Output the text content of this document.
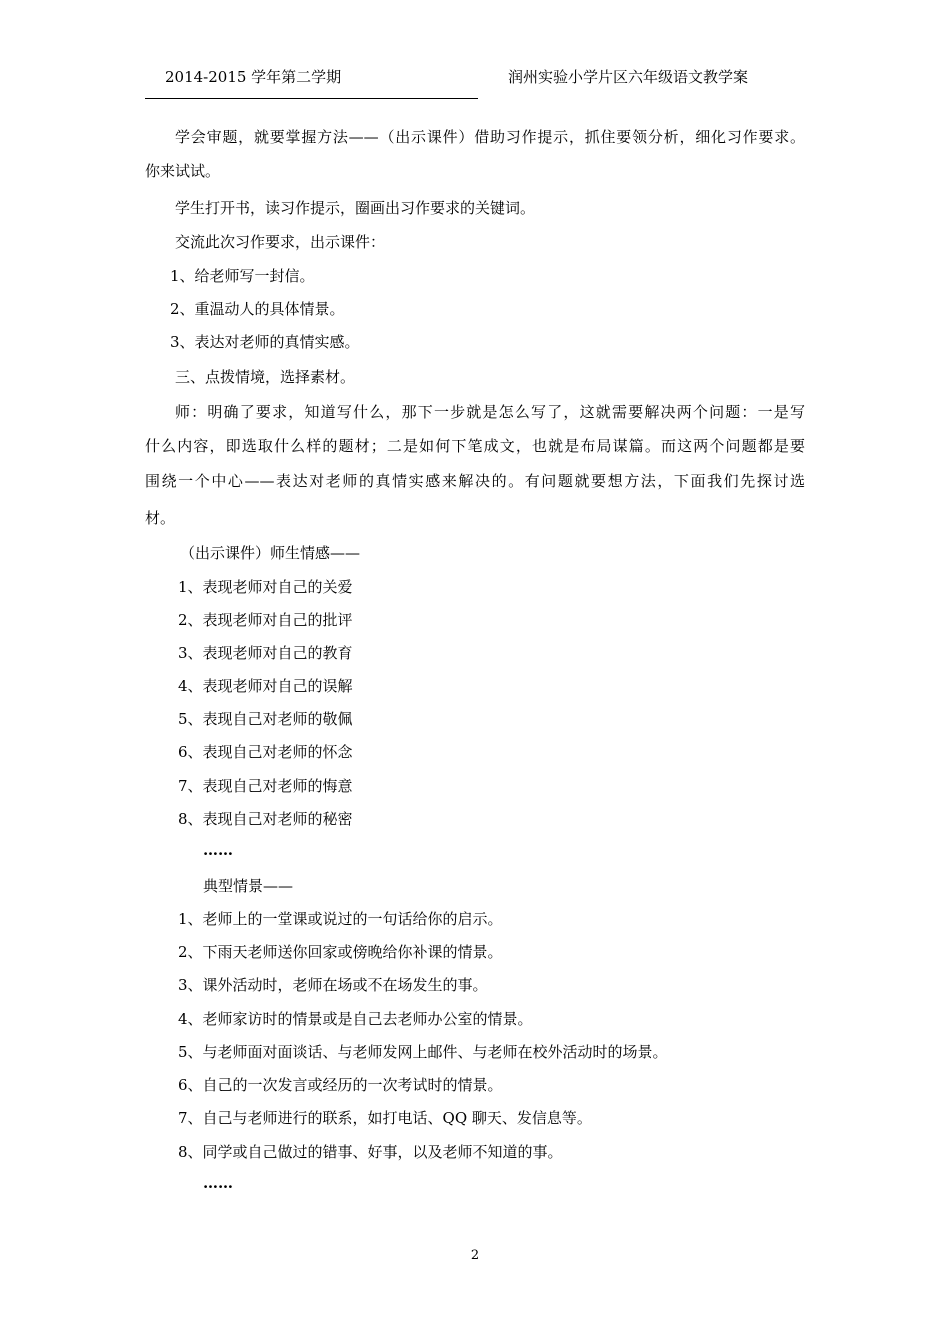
2014-2015 学年第二学期	润州实验小学片区六年级语文教学案
学会审题，就要掌握方法——（出示课件）借助习作提示，抓住要领分析，细化习作要求。
你来试试。
学生打开书，读习作提示，圈画出习作要求的关键词。
交流此次习作要求，出示课件：
1、给老师写一封信。
2、重温动人的具体情景。
3、表达对老师的真情实感。
三、点拨情境，选择素材。
师：明确了要求，知道写什么，那下一步就是怎么写了，这就需要解决两个问题：一是写
什么内容，即选取什么样的题材；二是如何下笔成文，也就是布局谋篇。而这两个问题都是要
围绕一个中心——表达对老师的真情实感来解决的。有问题就要想方法，下面我们先探讨选
材。
（出示课件）师生情感——
1、表现老师对自己的关爱
2、表现老师对自己的批评
3、表现老师对自己的教育
4、表现老师对自己的误解
5、表现自己对老师的敬佩
6、表现自己对老师的怀念
7、表现自己对老师的悔意
8、表现自己对老师的秘密
……
典型情景——
1、老师上的一堂课或说过的一句话给你的启示。
2、下雨天老师送你回家或傍晚给你补课的情景。
3、课外活动时，老师在场或不在场发生的事。
4、老师家访时的情景或是自己去老师办公室的情景。
5、与老师面对面谈话、与老师发网上邮件、与老师在校外活动时的场景。
6、自己的一次发言或经历的一次考试时的情景。
7、自己与老师进行的联系，如打电话、QQ 聊天、发信息等。
8、同学或自己做过的错事、好事，以及老师不知道的事。
……
2
